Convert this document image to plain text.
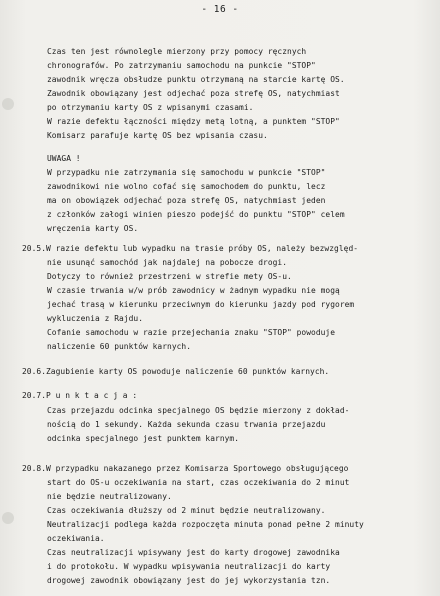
- 16 -
Czas ten jest równolegle mierzony przy pomocy ręcznych
chronografów. Po zatrzymaniu samochodu na punkcie "STOP"
zawodnik wręcza obsłudze punktu otrzymaną na starcie kartę OS.
Zawodnik obowiązany jest odjechać poza strefę OS, natychmiast
po otrzymaniu karty OS z wpisanymi czasami.
W razie defektu łączności między metą lotną, a punktem "STOP"
Komisarz parafuje kartę OS bez wpisania czasu.
UWAGA !
W przypadku nie zatrzymania się samochodu w punkcie "STOP"
zawodnikowi nie wolno cofać się samochodem do punktu, lecz
ma on obowiązek odjechać poza strefę OS, natychmiast jeden
z członków załogi winien pieszo podejść do punktu "STOP" celem
wręczenia karty OS.
20.5.W razie defektu lub wypadku na trasie próby OS, należy bezwzględ-
nie usunąć samochód jak najdalej na pobocze drogi.
Dotyczy to również przestrzeni w strefie mety OS-u.
W czasie trwania w/w prób zawodnicy w żadnym wypadku nie mogą
jechać trasą w kierunku przeciwnym do kierunku jazdy pod rygorem
wykluczenia z Rajdu.
Cofanie samochodu w razie przejechania znaku "STOP" powoduje
naliczenie 60 punktów karnych.
20.6.Zagubienie karty OS powoduje naliczenie 60 punktów karnych.
20.7.P u n k t a c j a :
Czas przejazdu odcinka specjalnego OS będzie mierzony z dokład-
nością do 1 sekundy. Każda sekunda czasu trwania przejazdu
odcinka specjalnego jest punktem karnym.
20.8.W przypadku nakazanego przez Komisarza Sportowego obsługującego
start do OS-u oczekiwania na start, czas oczekiwania do 2 minut
nie będzie neutralizowany.
Czas oczekiwania dłuższy od 2 minut będzie neutralizowany.
Neutralizacji podlega każda rozpoczęta minuta ponad pełne 2 minuty
oczekiwania.
Czas neutralizacji wpisywany jest do karty drogowej zawodnika
i do protokołu. W wypadku wpisywania neutralizacji do karty
drogowej zawodnik obowiązany jest do jej wykorzystania tzn.
